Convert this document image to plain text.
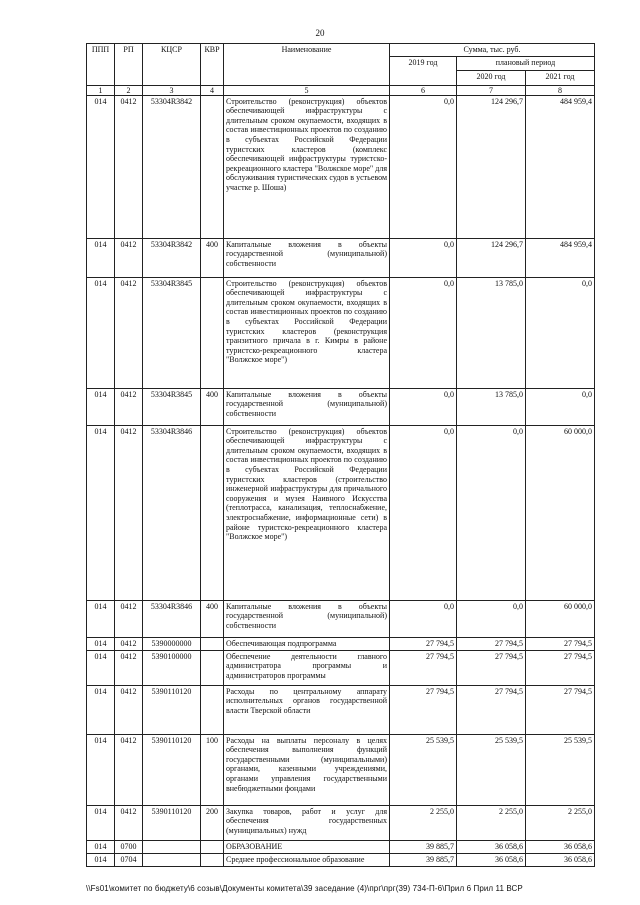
20
ППП	РП	КЦСР	КВР	Наименование	Сумма, тыс. руб.		
					2019 год	плановый период	
						2020 год	2021 год
1	2	3	4	5	6	7	8
014	0412	53304R3842		Строительство (реконструкция) объектов обеспечивающей инфраструктуры с длительным сроком окупаемости, входящих в состав инвестиционных проектов по созданию в субъектах Российской Федерации туристских кластеров (комплекс обеспечивающей инфраструктуры туристско-рекреационного кластера "Волжское море" для обслуживания туристических судов в устьевом участке р. Шоша)	0,0	124 296,7	484 959,4
014	0412	53304R3842	400	Капитальные вложения в объекты государственной (муниципальной) собственности	0,0	124 296,7	484 959,4
014	0412	53304R3845		Строительство (реконструкция) объектов обеспечивающей инфраструктуры с длительным сроком окупаемости, входящих в состав инвестиционных проектов по созданию в субъектах Российской Федерации туристских кластеров (реконструкция транзитного причала в г. Кимры в районе туристско-рекреационного кластера "Волжское море")	0,0	13 785,0	0,0
014	0412	53304R3845	400	Капитальные вложения в объекты государственной (муниципальной) собственности	0,0	13 785,0	0,0
014	0412	53304R3846		Строительство (реконструкция) объектов обеспечивающей инфраструктуры с длительным сроком окупаемости, входящих в состав инвестиционных проектов по созданию в субъектах Российской Федерации туристских кластеров (строительство инженерной инфраструктуры для причального сооружения и музея Наивного Искусства (теплотрасса, канализация, теплоснабжение, электроснабжение, информационные сети) в районе туристско-рекреационного кластера "Волжское море")	0,0	0,0	60 000,0
014	0412	53304R3846	400	Капитальные вложения в объекты государственной (муниципальной) собственности	0,0	0,0	60 000,0
014	0412	5390000000		Обеспечивающая подпрограмма	27 794,5	27 794,5	27 794,5
014	0412	5390100000		Обеспечение деятельности главного администратора программы и администраторов программы	27 794,5	27 794,5	27 794,5
014	0412	5390110120		Расходы по центральному аппарату исполнительных органов государственной власти Тверской области	27 794,5	27 794,5	27 794,5
014	0412	5390110120	100	Расходы на выплаты персоналу в целях обеспечения выполнения функций государственными (муниципальными) органами, казенными учреждениями, органами управления государственными внебюджетными фондами	25 539,5	25 539,5	25 539,5
014	0412	5390110120	200	Закупка товаров, работ и услуг для обеспечения государственных (муниципальных) нужд	2 255,0	2 255,0	2 255,0
014	0700			ОБРАЗОВАНИЕ	39 885,7	36 058,6	36 058,6
014	0704			Среднее профессиональное образование	39 885,7	36 058,6	36 058,6
\\Fs01\комитет по бюджету\6 созыв\Документы комитета\39 заседание (4)\прг\прг(39) 734-П-6\Прил 6 Прил 11 ВСР
